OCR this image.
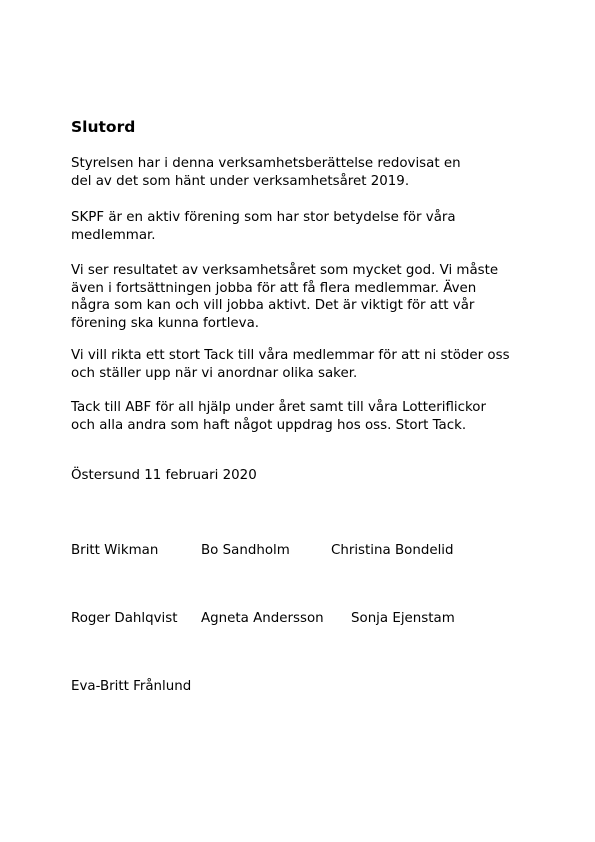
Slutord

Styrelsen har i denna verksamhetsberättelse redovisat en
del av det som hänt under verksamhetsåret 2019.

SKPF är en aktiv förening som har stor betydelse för våra
medlemmar.

Vi ser resultatet av verksamhetsåret som mycket god. Vi måste
även i fortsättningen jobba för att få flera medlemmar. Även
några som kan och vill jobba aktivt. Det är viktigt för att vår
förening ska kunna fortleva.

Vi vill rikta ett stort Tack till våra medlemmar för att ni stöder oss
och ställer upp när vi anordnar olika saker.

Tack till ABF för all hjälp under året samt till våra Lotteriflickor
och alla andra som haft något uppdrag hos oss. Stort Tack.

Östersund 11 februari 2020
Britt Wikman	Bo Sandholm	Christina Bondelid
Roger Dahlqvist Agneta Andersson Sonja Ejenstam
Eva-Britt Frånlund
